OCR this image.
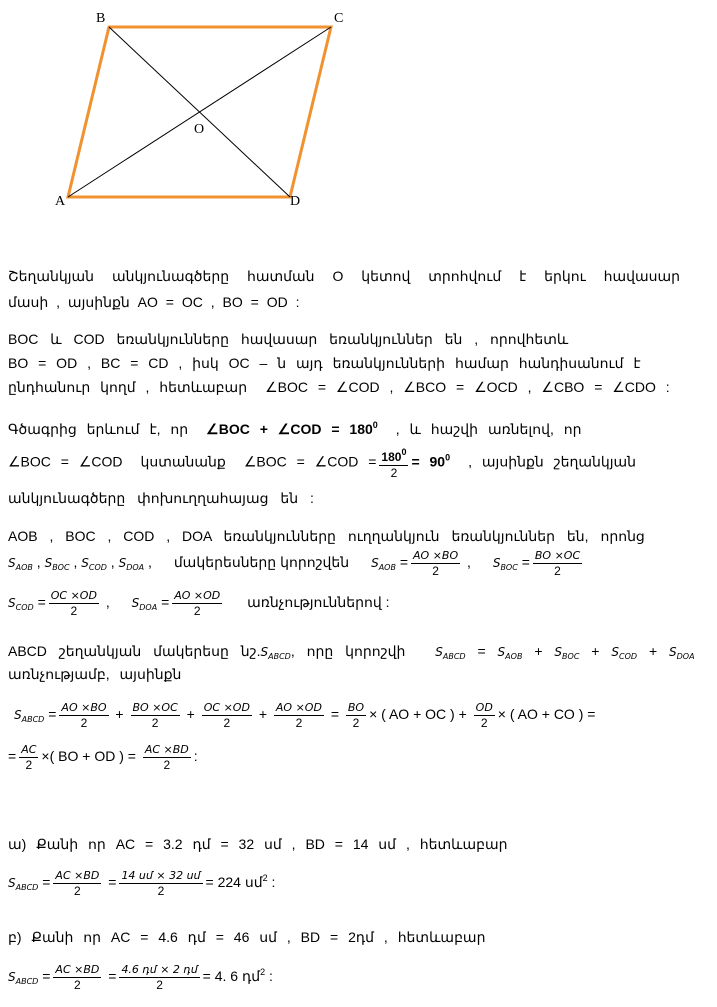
B	C
O
A	D
Շեղանկյան անկյունագծերը հատման O կետով տրոհվում է երկու հավասար
մասի , այսինքն AO = OC , BO = OD :
BOC և COD եռանկյունները հավասար եռանկյուններ են , որովհետև
BO = OD , BC = CD , իսկ OC – ն այդ եռանկյունների համար հանդիսանում է
ընդհանուր կողմ , հետևաբար ∠BOC = ∠COD , ∠BCO = ∠OCD , ∠CBO = ∠CDO :
Գծագրից երևում է, որ ∠BOC + ∠COD = $180^0$ , և հաշվի առնելով, որ
∠BOC = ∠COD կստանանք ∠BOC = ∠COD = $\frac{180^0}{2} = 90^0$ , այսինքն շեղանկյան
անկյունագծերը փոխուղղահայաց են :
AOB , BOC , COD , DOA եռանկյունները ուղղանկյուն եռանկյուններ են, որոնց
$S_{AOB}$ , $S_{BOC}$ , $S_{COD}$ , $S_{DOA}$ , մակերեսները կորոշվեն $S_{AOB} = \frac{AO \times BO}{2}$ , $S_{BOC} = \frac{BO \times OC}{2}$
$S_{COD} = \frac{OC \times OD}{2}$ , $S_{DOA} = \frac{AO \times OD}{2}$ առնչություններով :
ABCD շեղանկյան մակերեսը $նշ.S_{ABCD}$, որը կորոշվի $S_{ABCD} = S_{AOB} + S_{BOC} + S_{COD} + S_{DOA}$
առնչությամբ, այսինքն
$S_{ABCD} = \frac{AO \times BO}{2} + \frac{BO \times OC}{2} + \frac{OC \times OD}{2} + \frac{AO \times OD}{2} = \frac{BO}{2}$ × ( AO + OC ) + $\frac{OD}{2}$ × ( AO + CO ) =
= $\frac{AC}{2}$ ×( BO + OD ) = $\frac{AC \times BD}{2}$ :
ա) Քանի որ AC = 3.2 դմ = 32 սմ , BD = 14 սմ , հետևաբար
$S_{ABCD} = \frac{AC \times BD}{2} = \frac{\text{14 սմ × 32 սմ}}{2} = 224$ սմ$^2$ :
բ) Քանի որ AC = 4.6 դմ = 46 սմ , BD = 2դմ , հետևաբար
$S_{ABCD} = \frac{AC \times BD}{2} = \frac{\text{4.6 դմ × 2 դմ}}{2} = 4$. 6 դմ$^2$ :
